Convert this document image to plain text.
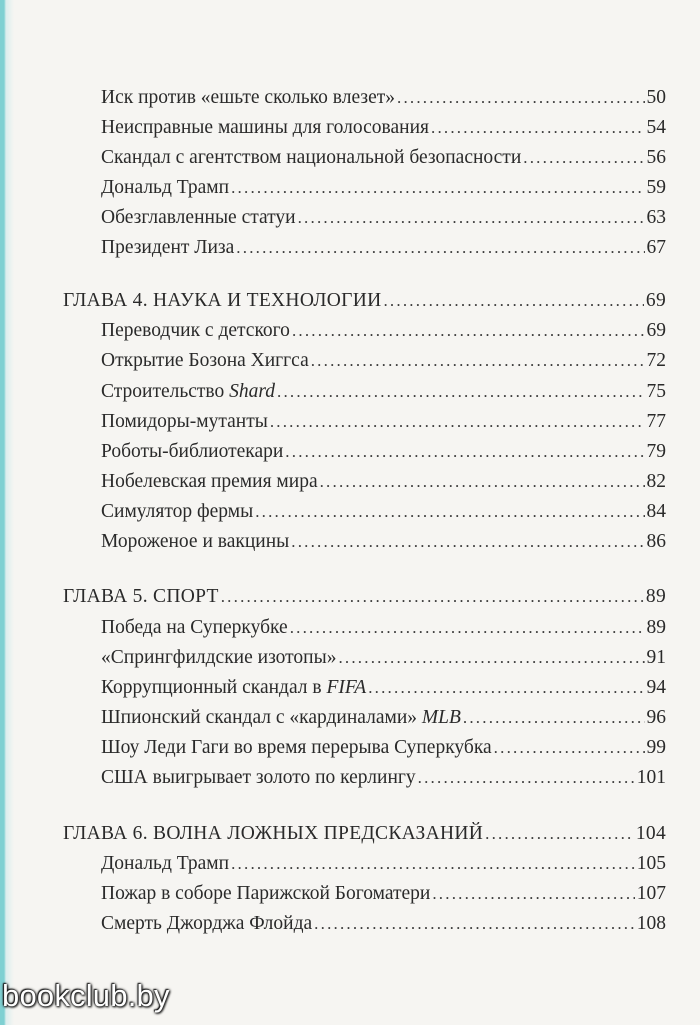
Иск против «ешьте сколько влезет» .....	50
Неисправные машины для голосования .....	54
Скандал с агентством национальной безопасности .....	56
Дональд Трамп .....	59
Обезглавленные статуи .....	63
Президент Лиза .....	67
ГЛАВА 4. НАУКА И ТЕХНОЛОГИИ .....	69
Переводчик с детского .....	69
Открытие Бозона Хиггса .....	72
Строительство Shard .....	75
Помидоры-мутанты .....	77
Роботы-библиотекари .....	79
Нобелевская премия мира .....	82
Симулятор фермы .....	84
Мороженое и вакцины .....	86
ГЛАВА 5. СПОРТ .....	89
Победа на Суперкубке .....	89
«Спрингфилдские изотопы» .....	91
Коррупционный скандал в FIFA .....	94
Шпионский скандал с «кардиналами» MLB .....	96
Шоу Леди Гаги во время перерыва Суперкубка .....	99
США выигрывает золото по керлингу .....	101
ГЛАВА 6. ВОЛНА ЛОЖНЫХ ПРЕДСКАЗАНИЙ .....	104
Дональд Трамп .....	105
Пожар в соборе Парижской Богоматери .....	107
Смерть Джорджа Флойда .....	108
bookclub.by
